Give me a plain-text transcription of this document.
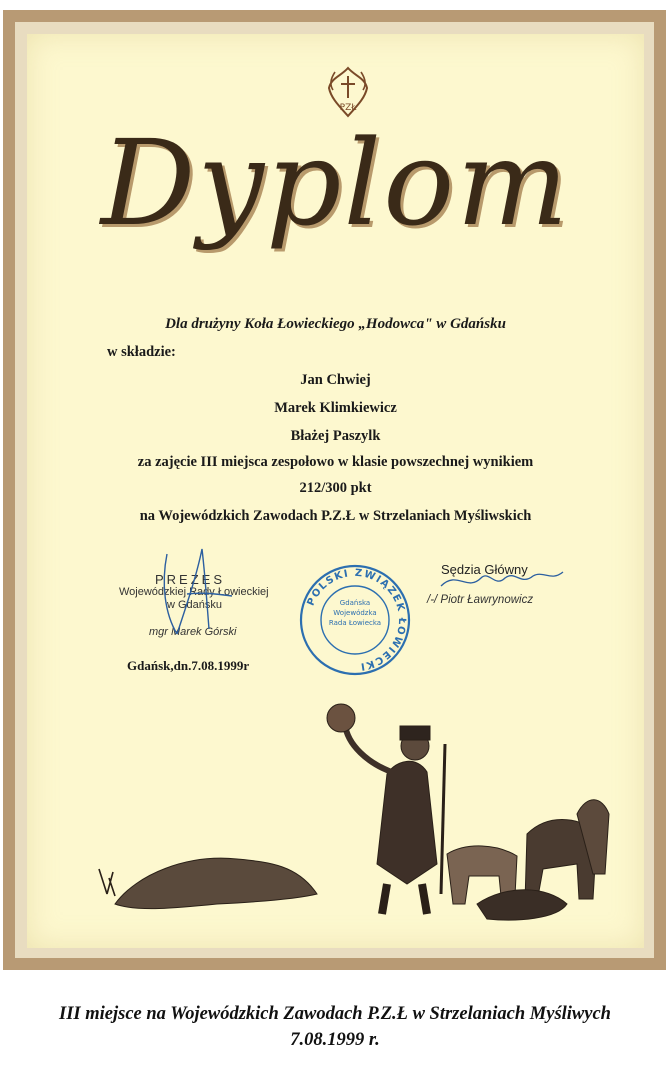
PZŁ
Dyplom
Dla drużyny Koła Łowieckiego „Hodowca" w Gdańsku
w składzie:
Jan Chwiej
Marek Klimkiewicz
Błażej Paszylk
za zajęcie III miejsca zespołowo w klasie powszechnej wynikiem
212/300 pkt
na Wojewódzkich Zawodach P.Z.Ł w Strzelaniach Myśliwskich
PREZES
Wojewódzkiej Rady Łowieckiej
w Gdańsku
mgr Marek Górski
POLSKI ZWIĄZEK ŁOWIECKI
Gdańska Wojewódzka Rada Łowiecka
Sędzia Główny
/-/ Piotr Ławrynowicz
Gdańsk,dn.7.08.1999r
III miejsce na Wojewódzkich Zawodach P.Z.Ł w Strzelaniach Myśliwych
7.08.1999 r.
